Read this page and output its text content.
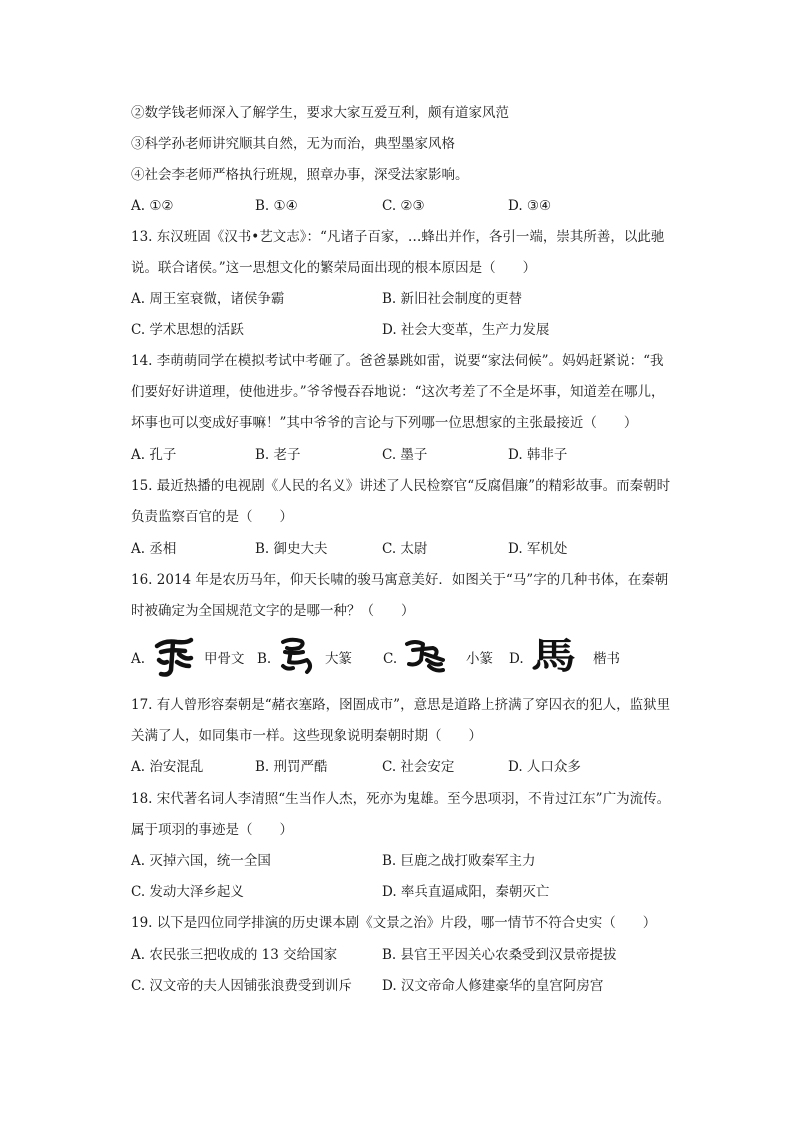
②数学钱老师深入了解学生，要求大家互爱互利，颇有道家风范
③科学孙老师讲究顺其自然，无为而治，典型墨家风格
④社会李老师严格执行班规，照章办事，深受法家影响。
A. ①②	B. ①④	C. ②③	D. ③④
13. 东汉班固《汉书•艺文志》：“凡诸子百家，…蜂出并作，各引一端，崇其所善，以此驰
说。联合诸侯。”这一思想文化的繁荣局面出现的根本原因是（　　）
A. 周王室衰微，诸侯争霸	B. 新旧社会制度的更替
C. 学术思想的活跃	D. 社会大变革，生产力发展
14. 李萌萌同学在模拟考试中考砸了。爸爸暴跳如雷，说要“家法伺候”。妈妈赶紧说：“我
们要好好讲道理，使他进步。”爷爷慢吞吞地说：“这次考差了不全是坏事，知道差在哪儿，
坏事也可以变成好事嘛！”其中爷爷的言论与下列哪一位思想家的主张最接近（　　）
A. 孔子	B. 老子	C. 墨子	D. 韩非子
15. 最近热播的电视剧《人民的名义》讲述了人民检察官“反腐倡廉”的精彩故事。而秦朝时
负责监察百官的是（　　）
A. 丞相	B. 御史大夫	C. 太尉	D. 军机处
16. 2014 年是农历马年，仰天长啸的骏马寓意美好．如图关于“马”字的几种书体，在秦朝
时被确定为全国规范文字的是哪一种？（　　）
A.	甲骨文 B.	大篆 C.	小篆 D. 馬 楷书
17. 有人曾形容秦朝是“赭衣塞路，囹圄成市”，意思是道路上挤满了穿囚衣的犯人，监狱里
关满了人，如同集市一样。这些现象说明秦朝时期（　　）
A. 治安混乱	B. 刑罚严酷	C. 社会安定	D. 人口众多
18. 宋代著名词人李清照“生当作人杰，死亦为鬼雄。至今思项羽，不肯过江东”广为流传。
属于项羽的事迹是（　　）
A. 灭掉六国，统一全国	B. 巨鹿之战打败秦军主力
C. 发动大泽乡起义	D. 率兵直逼咸阳，秦朝灭亡
19. 以下是四位同学排演的历史课本剧《文景之治》片段，哪一情节不符合史实（　　）
A. 农民张三把收成的 13 交给国家	B. 县官王平因关心农桑受到汉景帝提拔
C. 汉文帝的夫人因铺张浪费受到训斥 D. 汉文帝命人修建豪华的皇宫阿房宫
